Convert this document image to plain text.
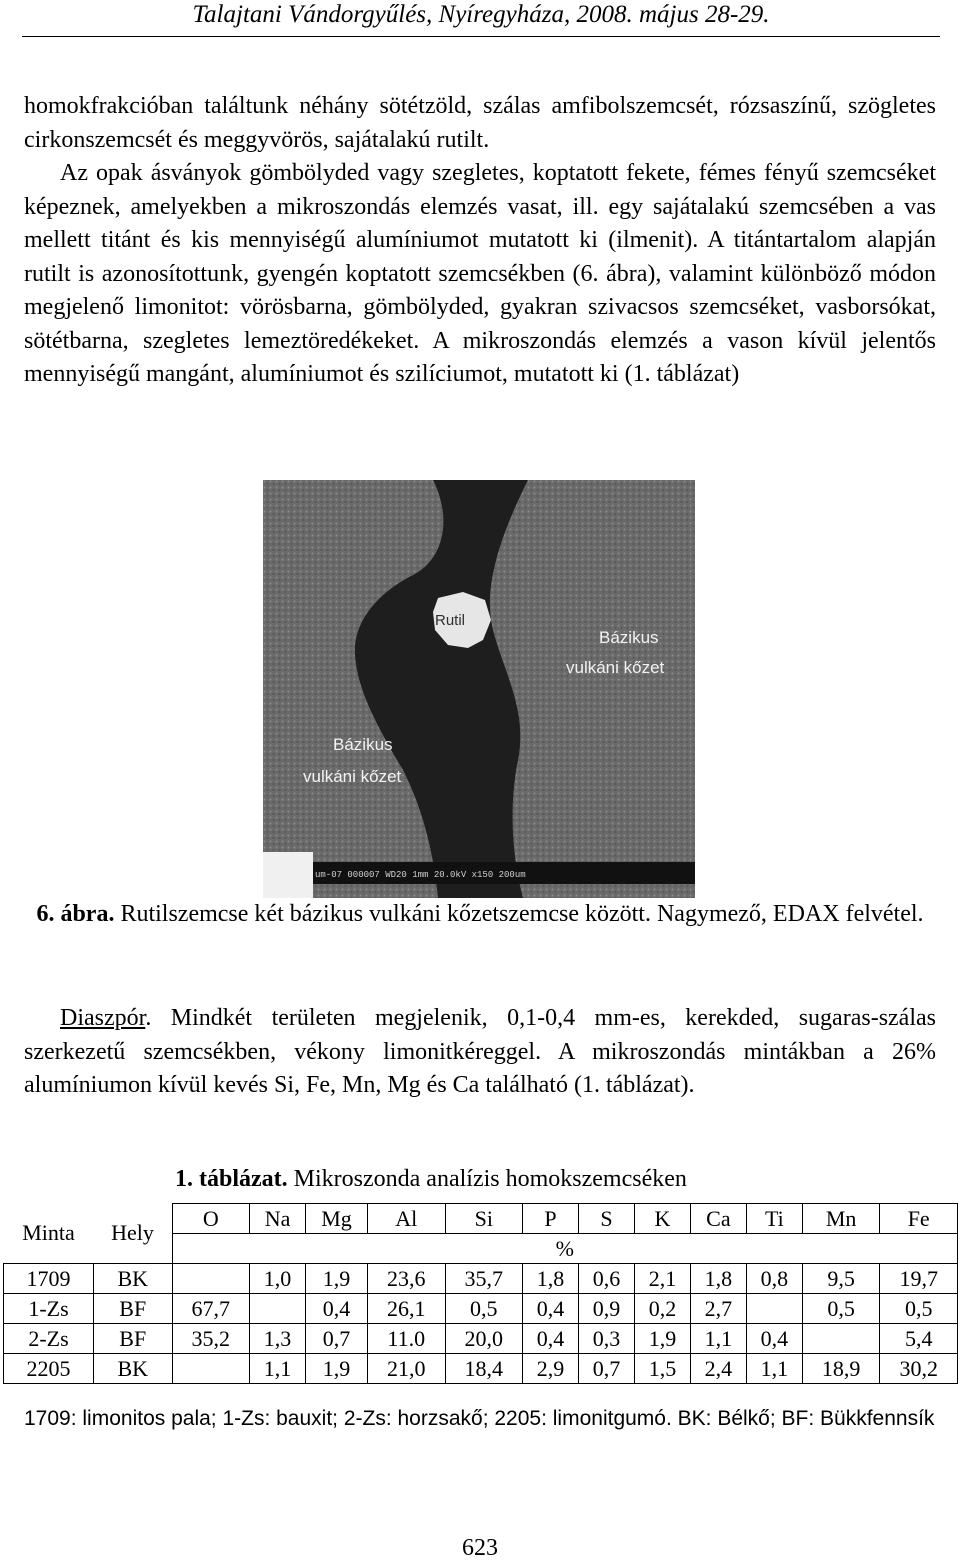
Talajtani Vándorgyűlés, Nyíregyháza, 2008. május 28-29.

homokfrakcióban találtunk néhány sötétzöld, szálas amfibolszemcsét, rózsaszínű, szögletes cirkonszemcsét és meggyvörös, sajátalakú rutilt.
Az opak ásványok gömbölyded vagy szegletes, koptatott fekete, fémes fényű szemcséket képeznek, amelyekben a mikroszondás elemzés vasat, ill. egy sajátalakú szemcsében a vas mellett titánt és kis mennyiségű alumíniumot mutatott ki (ilmenit). A titántartalom alapján rutilt is azonosítottunk, gyengén koptatott szemcsékben (6. ábra), valamint különböző módon megjelenő limonitot: vörösbarna, gömbölyded, gyakran szivacsos szemcséket, vasborsókat, sötétbarna, szegletes lemeztöredékeket. A mikroszondás elemzés a vason kívül jelentős mennyiségű mangánt, alumíniumot és szilíciumot, mutatott ki (1. táblázat)

Rutil
Bázikus
vulkáni kőzet
Bázikus
vulkáni kőzet
um-07 000007 WD20 1mm 20.0kV x150 200um
6. ábra. Rutilszemcse két bázikus vulkáni kőzetszemcse között. Nagymező, EDAX felvétel.

Diaszpór. Mindkét területen megjelenik, 0,1-0,4 mm-es, kerekded, sugaras-szálas szerkezetű szemcsékben, vékony limonitkéreggel. A mikroszondás mintákban a 26% alumíniumon kívül kevés Si, Fe, Mn, Mg és Ca található (1. táblázat).

1. táblázat. Mikroszonda analízis homokszemcséken
Minta	Hely	O	Na	Mg	Al	Si	P	S	K	Ca	Ti	Mn	Fe
		%											
1709	BK		1,0	1,9	23,6	35,7	1,8	0,6	2,1	1,8	0,8	9,5	19,7
1-Zs	BF	67,7		0,4	26,1	0,5	0,4	0,9	0,2	2,7		0,5	0,5
2-Zs	BF	35,2	1,3	0,7	11.0	20,0	0,4	0,3	1,9	1,1	0,4		5,4
2205	BK		1,1	1,9	21,0	18,4	2,9	0,7	1,5	2,4	1,1	18,9	30,2
1709: limonitos pala; 1-Zs: bauxit; 2-Zs: horzsakő; 2205: limonitgumó. BK: Bélkő; BF: Bükkfennsík
623
